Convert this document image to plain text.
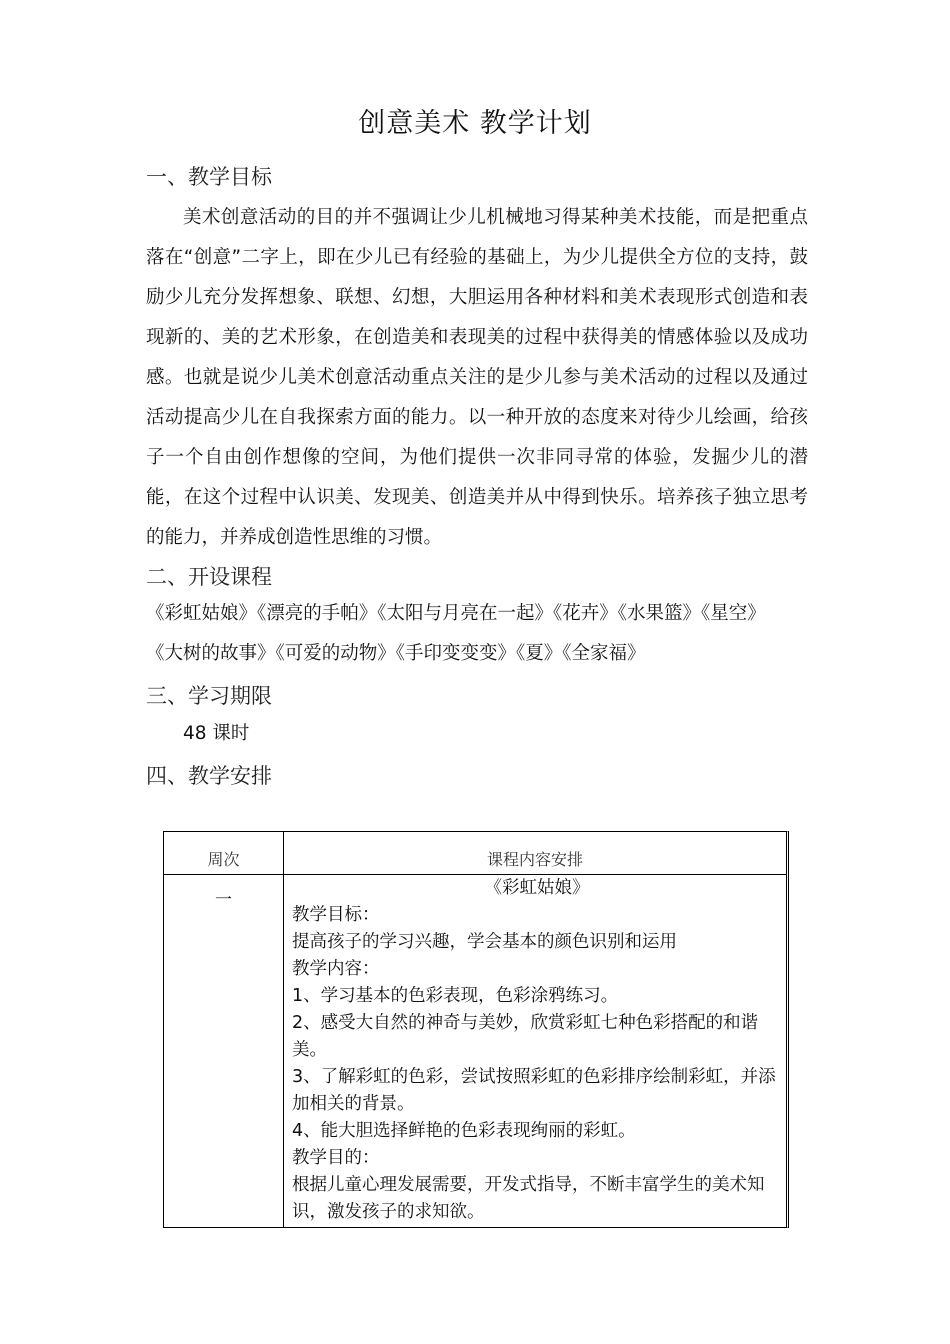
创意美术 教学计划
一、教学目标
美术创意活动的目的并不强调让少儿机械地习得某种美术技能，而是把重点落在“创意”二字上，即在少儿已有经验的基础上，为少儿提供全方位的支持，鼓励少儿充分发挥想象、联想、幻想，大胆运用各种材料和美术表现形式创造和表现新的、美的艺术形象，在创造美和表现美的过程中获得美的情感体验以及成功感。也就是说少儿美术创意活动重点关注的是少儿参与美术活动的过程以及通过活动提高少儿在自我探索方面的能力。以一种开放的态度来对待少儿绘画，给孩子一个自由创作想像的空间，为他们提供一次非同寻常的体验，发掘少儿的潜能，在这个过程中认识美、发现美、创造美并从中得到快乐。培养孩子独立思考的能力，并养成创造性思维的习惯。
二、开设课程
《彩虹姑娘》《漂亮的手帕》《太阳与月亮在一起》《花卉》《水果篮》《星空》
《大树的故事》《可爱的动物》《手印变变变》《夏》《全家福》
三、学习期限
48 课时
四、教学安排
周次	课程内容安排
一
《彩虹姑娘》
教学目标：
提高孩子的学习兴趣，学会基本的颜色识别和运用
教学内容：
1、学习基本的色彩表现，色彩涂鸦练习。
2、感受大自然的神奇与美妙，欣赏彩虹七种色彩搭配的和谐美。
3、了解彩虹的色彩，尝试按照彩虹的色彩排序绘制彩虹，并添加相关的背景。
4、能大胆选择鲜艳的色彩表现绚丽的彩虹。
教学目的：
根据儿童心理发展需要，开发式指导，不断丰富学生的美术知识，激发孩子的求知欲。
